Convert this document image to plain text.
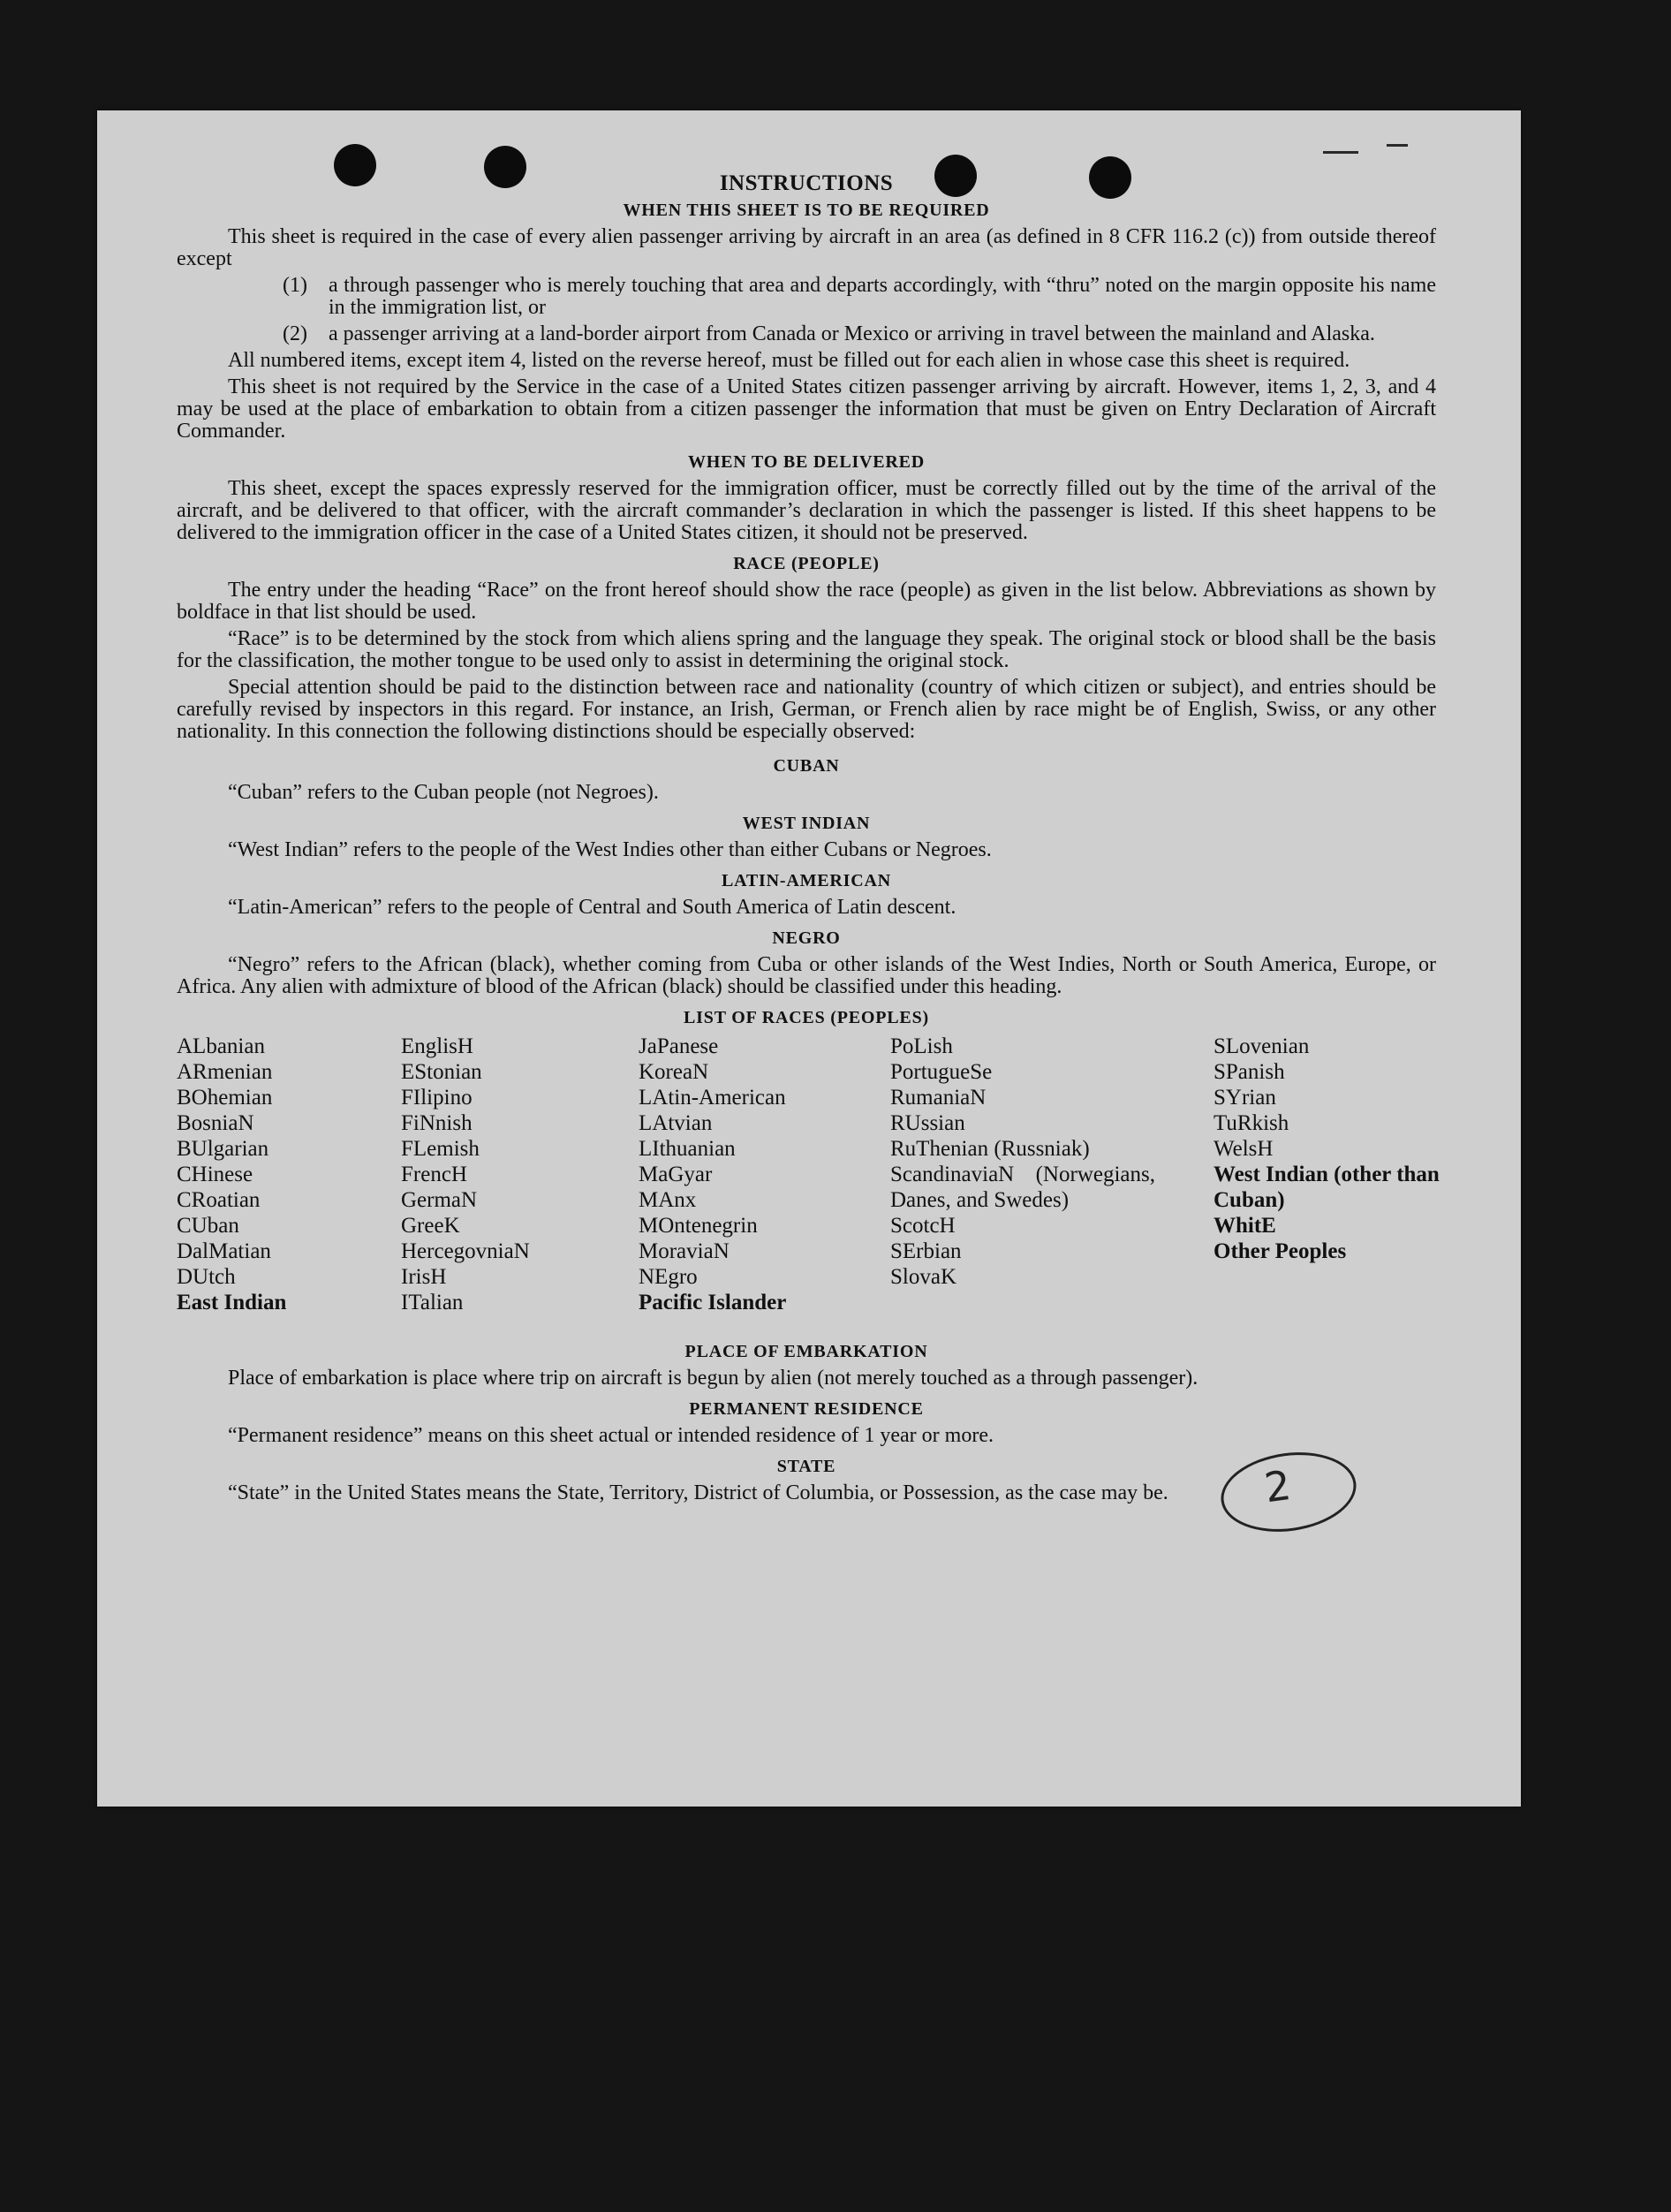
2
INSTRUCTIONS
WHEN THIS SHEET IS TO BE REQUIRED

This sheet is required in the case of every alien passenger arriving by aircraft in an area (as defined in 8 CFR 116.2 (c)) from outside thereof except

(1)	a through passenger who is merely touching that area and departs accordingly, with “thru” noted on the margin opposite his name in the immigration list, or
(2)	a passenger arriving at a land-border airport from Canada or Mexico or arriving in travel between the mainland and Alaska.

All numbered items, except item 4, listed on the reverse hereof, must be filled out for each alien in whose case this sheet is required.

This sheet is not required by the Service in the case of a United States citizen passenger arriving by aircraft. However, items 1, 2, 3, and 4 may be used at the place of embarkation to obtain from a citizen passenger the information that must be given on Entry Declaration of Aircraft Commander.

WHEN TO BE DELIVERED

This sheet, except the spaces expressly reserved for the immigration officer, must be correctly filled out by the time of the arrival of the aircraft, and be delivered to that officer, with the aircraft commander’s declaration in which the passenger is listed. If this sheet happens to be delivered to the immigration officer in the case of a United States citizen, it should not be preserved.

RACE (PEOPLE)

The entry under the heading “Race” on the front hereof should show the race (people) as given in the list below. Abbreviations as shown by boldface in that list should be used.

“Race” is to be determined by the stock from which aliens spring and the language they speak. The original stock or blood shall be the basis for the classification, the mother tongue to be used only to assist in determining the original stock.

Special attention should be paid to the distinction between race and nationality (country of which citizen or subject), and entries should be carefully revised by inspectors in this regard. For instance, an Irish, German, or French alien by race might be of English, Swiss, or any other nationality. In this connection the following distinctions should be especially observed:

CUBAN

“Cuban” refers to the Cuban people (not Negroes).

WEST INDIAN

“West Indian” refers to the people of the West Indies other than either Cubans or Negroes.

LATIN-AMERICAN

“Latin-American” refers to the people of Central and South America of Latin descent.

NEGRO

“Negro” refers to the African (black), whether coming from Cuba or other islands of the West Indies, North or South America, Europe, or Africa. Any alien with admixture of blood of the African (black) should be classified under this heading.

LIST OF RACES (PEOPLES)
ALbanian
ARmenian
BOhemian
BosniaN
BUlgarian
CHinese
CRoatian
CUban
DalMatian
DUtch
East Indian
EnglisH
EStonian
FIlipino
FiNnish
FLemish
FrencH
GermaN
GreeK
HercegovniaN
IrisH
ITalian
JaPanese
KoreaN
LAtin-American
LAtvian
LIthuanian
MaGyar
MAnx
MOntenegrin
MoraviaN
NEgro
Pacific Islander
PoLish
PortugueSe
RumaniaN
RUssian
RuThenian (Russniak)
ScandinaviaN (Norwegians, Danes, and Swedes)
ScotcH
SErbian
SlovaK
SLovenian
SPanish
SYrian
TuRkish
WelsH
West Indian (other than Cuban)
WhitE
Other Peoples
PLACE OF EMBARKATION

Place of embarkation is place where trip on aircraft is begun by alien (not merely touched as a through passenger).

PERMANENT RESIDENCE

“Permanent residence” means on this sheet actual or intended residence of 1 year or more.

STATE

“State” in the United States means the State, Territory, District of Columbia, or Possession, as the case may be.
